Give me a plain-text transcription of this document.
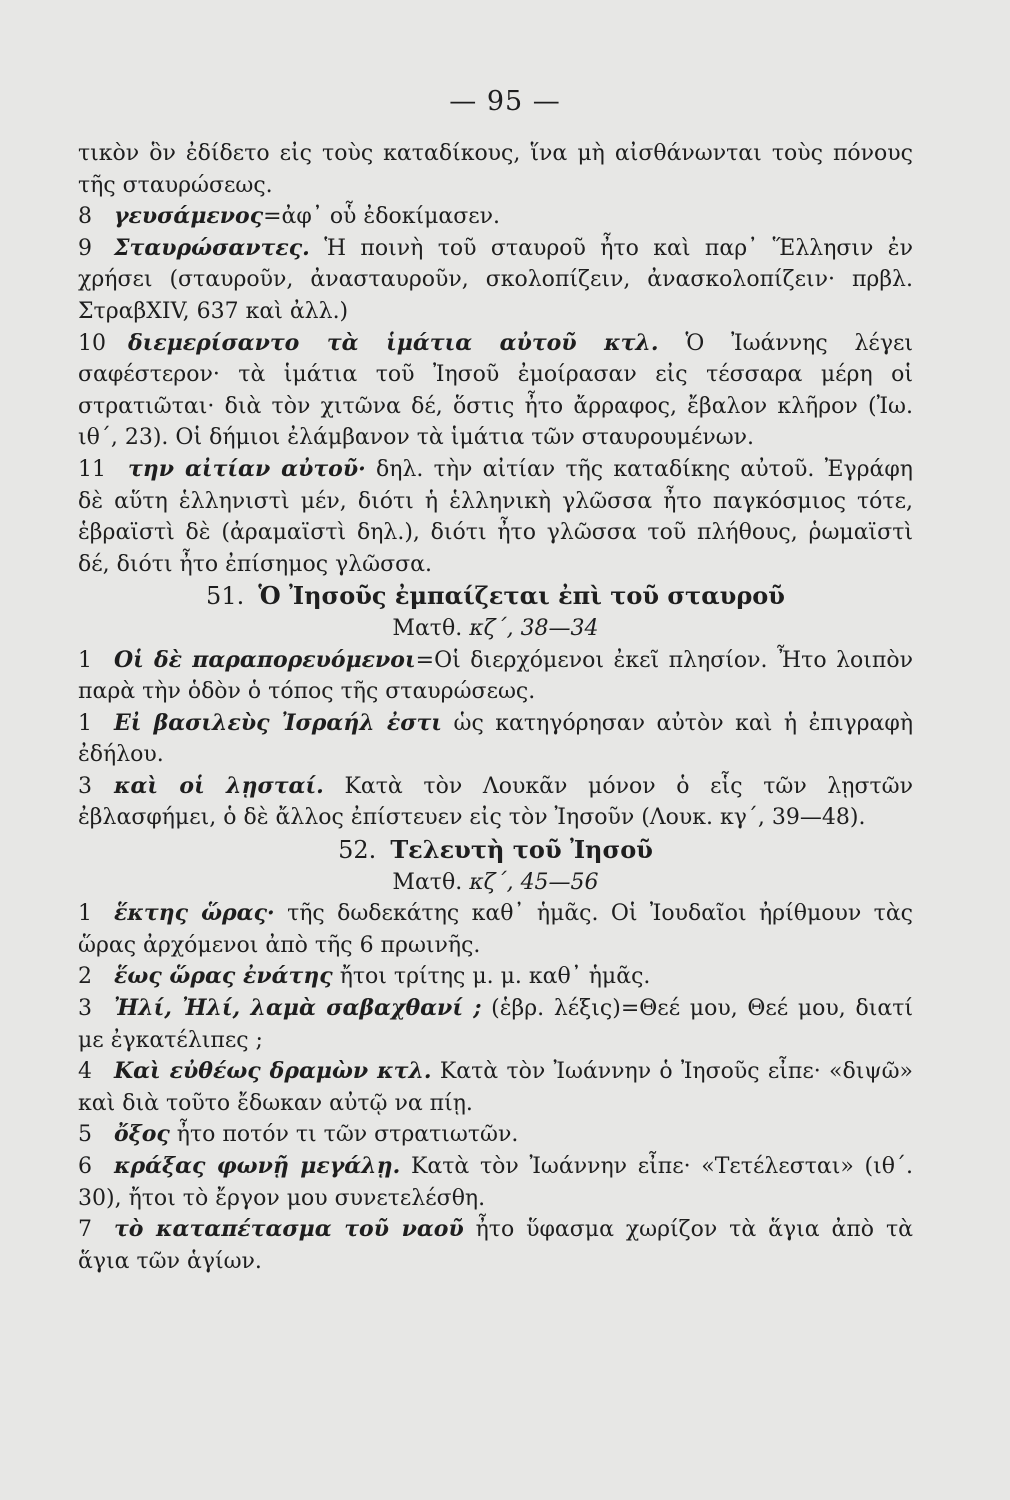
— 95 —

τικὸν ὃν ἐδίδετο εἰς τοὺς καταδίκους, ἵνα μὴ αἰσθάνωνται τοὺς πόνους τῆς σταυρώσεως.

8 γευσάμενος=ἀφ᾽ οὗ ἐδοκίμασεν.

9 Σταυρώσαντες. Ἡ ποινὴ τοῦ σταυροῦ ἦτο καὶ παρ᾽ Ἕλλησιν ἐν χρήσει (σταυροῦν, ἀνασταυροῦν, σκολοπίζειν, ἀνασκολοπίζειν· πρβλ. ΣτραβΧΙV, 637 καὶ ἀλλ.)

10 διεμερίσαντο τὰ ἱμάτια αὐτοῦ κτλ. Ὁ Ἰωάννης λέγει σαφέστερον· τὰ ἱμάτια τοῦ Ἰησοῦ ἐμοίρασαν εἰς τέσσαρα μέρη οἱ στρατιῶται· διὰ τὸν χιτῶνα δέ, ὅστις ἦτο ἄρραφος, ἔβαλον κλῆρον (Ἰω. ιθ΄, 23). Οἱ δήμιοι ἐλάμβανον τὰ ἱμάτια τῶν σταυρουμένων.

11 την αἰτίαν αὐτοῦ· δηλ. τὴν αἰτίαν τῆς καταδίκης αὐτοῦ. Ἐγράφη δὲ αὕτη ἑλληνιστὶ μέν, διότι ἡ ἑλληνικὴ γλῶσσα ἦτο παγκόσμιος τότε, ἑβραϊστὶ δὲ (ἀραμαϊστὶ δηλ.), διότι ἦτο γλῶσσα τοῦ πλήθους, ῥωμαϊστὶ δέ, διότι ἦτο ἐπίσημος γλῶσσα.

51. Ὁ Ἰησοῦς ἐμπαίζεται ἐπὶ τοῦ σταυροῦ

Ματθ. κζ΄, 38—34

1 Οἱ δὲ παραπορευόμενοι=Οἱ διερχόμενοι ἐκεῖ πλησίον. Ἦτο λοιπὸν παρὰ τὴν ὁδὸν ὁ τόπος τῆς σταυρώσεως.

1 Εἰ βασιλεὺς Ἰσραήλ ἐστι ὡς κατηγόρησαν αὐτὸν καὶ ἡ ἐπιγραφὴ ἐδήλου.

3 καὶ οἱ λῃσταί. Κατὰ τὸν Λουκᾶν μόνον ὁ εἷς τῶν λῃστῶν ἐβλασφήμει, ὁ δὲ ἄλλος ἐπίστευεν εἰς τὸν Ἰησοῦν (Λουκ. κγ΄, 39—48).

52. Τελευτὴ τοῦ Ἰησοῦ

Ματθ. κζ΄, 45—56

1 ἕκτης ὥρας· τῆς δωδεκάτης καθ᾽ ἡμᾶς. Οἱ Ἰουδαῖοι ἠρίθμουν τὰς ὥρας ἀρχόμενοι ἀπὸ τῆς 6 πρωινῆς.

2 ἕως ὥρας ἐνάτης ἤτοι τρίτης μ. μ. καθ᾽ ἡμᾶς.

3 Ἠλί, Ἠλί, λαμὰ σαβαχθανί ; (ἑβρ. λέξις)=Θεέ μου, Θεέ μου, διατί με ἐγκατέλιπες ;

4 Καὶ εὐθέως δραμὼν κτλ. Κατὰ τὸν Ἰωάννην ὁ Ἰησοῦς εἶπε· «διψῶ» καὶ διὰ τοῦτο ἔδωκαν αὐτῷ να πίῃ.

5 ὄξος ἦτο ποτόν τι τῶν στρατιωτῶν.

6 κράξας φωνῇ μεγάλῃ. Κατὰ τὸν Ἰωάννην εἶπε· «Τετέλεσται» (ιθ΄. 30), ἤτοι τὸ ἔργον μου συνετελέσθη.

7 τὸ καταπέτασμα τοῦ ναοῦ ἦτο ὕφασμα χωρίζον τὰ ἅγια ἀπὸ τὰ ἅγια τῶν ἁγίων.
